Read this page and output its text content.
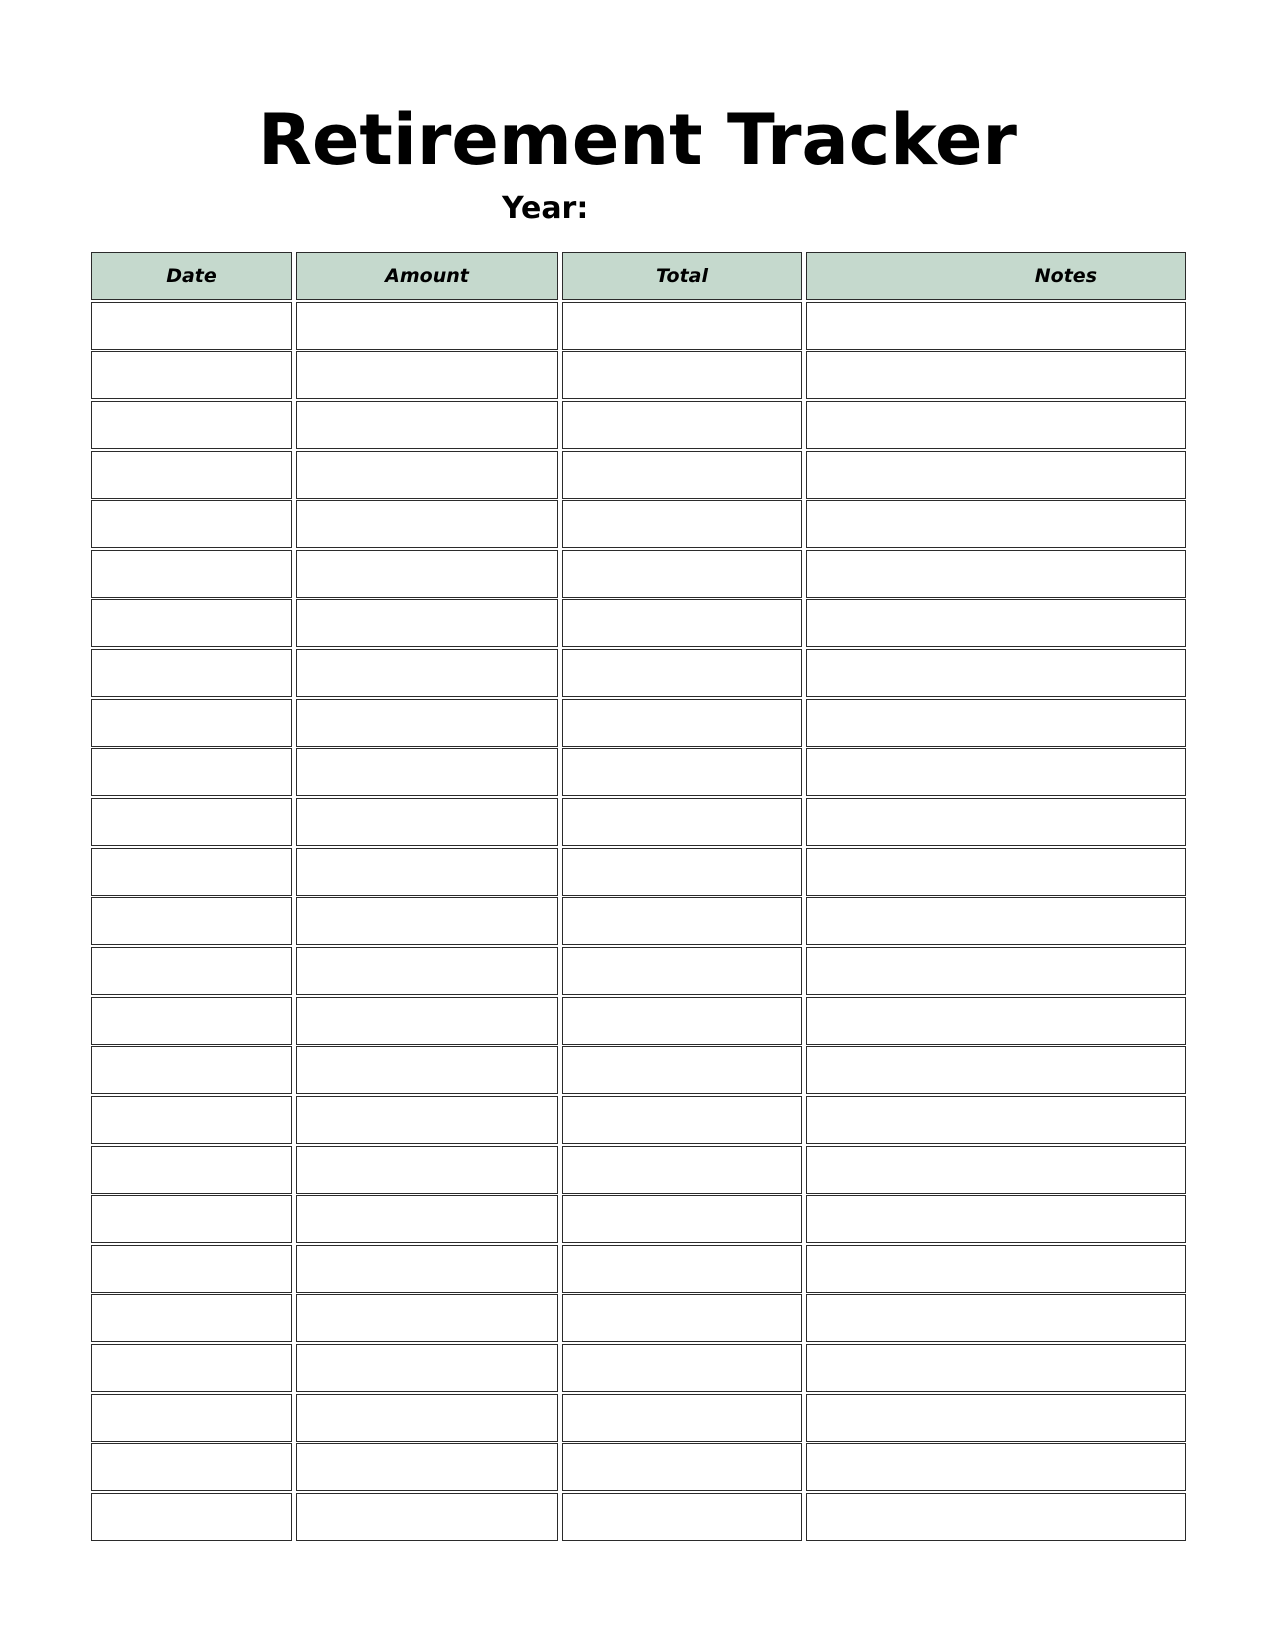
Retirement Tracker
Year:
Date	Amount	Total	Notes
